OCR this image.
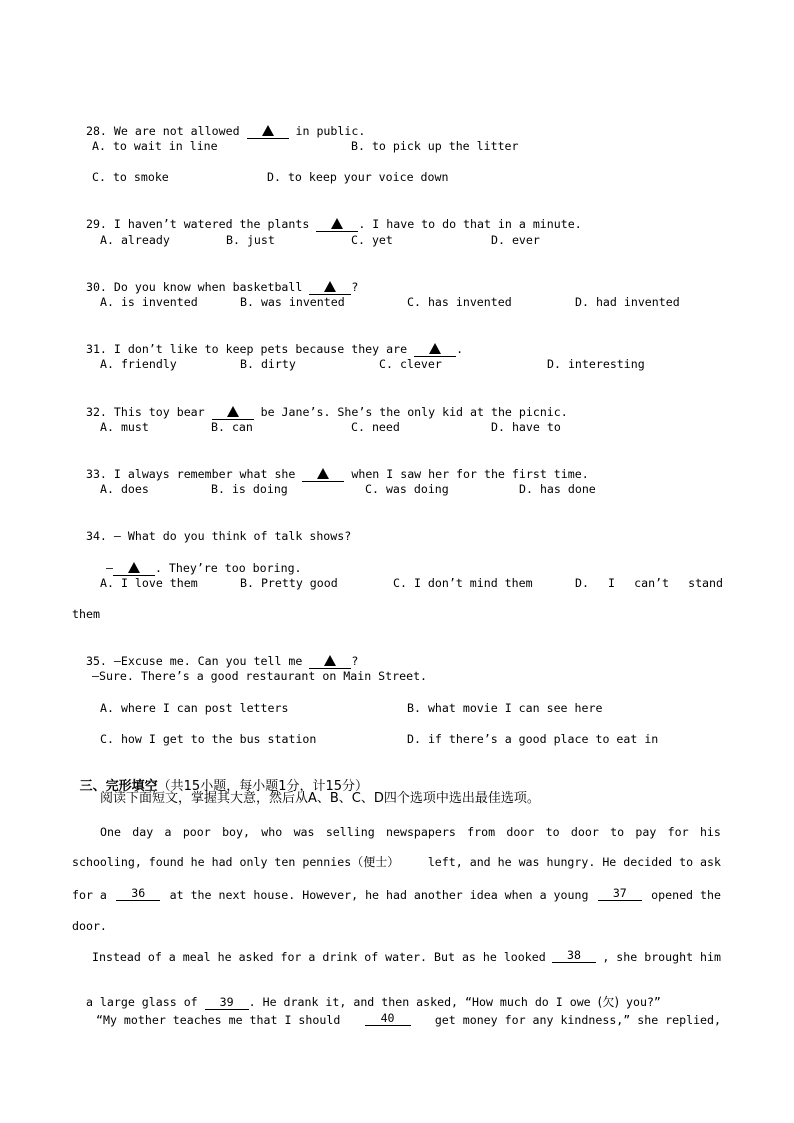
28. We are not allowed	in public.

A. to wait in line	B. to pick up the litter
C. to smoke	D. to keep your voice down

29. I haven’t watered the plants	. I have to do that in a minute.

A. already	B. just	C. yet	D. ever

30. Do you know when basketball	?

A. is invented	B. was invented	C. has invented	D. had invented

31. I don’t like to keep pets because they are	.

A. friendly	B. dirty	C. clever	D. interesting

32. This toy bear	be Jane’s. She’s the only kid at the picnic.

A. must	B. can	C. need	D. have to

33. I always remember what she	when I saw her for the first time.

A. does	B. is doing	C. was doing	D. has done

34. — What do you think of talk shows?

—	. They’re too boring.

A. I love them	B. Pretty good	C. I don’t mind them	D. I can’t stand
them

35. —Excuse me. Can you tell me	?

—Sure. There’s a good restaurant on Main Street.
A. where I can post letters	B. what movie I can see here
C. how I get to the bus station	D. if there’s a good place to eat in

三、完形填空（共15小题，每小题1分，计15分）

阅读下面短文，掌握其大意，然后从A、B、C、D四个选项中选出最佳选项。
One day a poor boy, who was selling newspapers from door to door to pay for his
schooling, found he had only ten pennies（便士） left, and he was hungry. He decided to ask
for a	36	at the next house. However, he had another idea when a young	37	opened the
door.
Instead of a meal he asked for a drink of water. But as he looked	38	, she brought him

a large glass of 39 . He drank it, and then asked, “How much do I owe (欠) you?”

“My mother teaches me that I should	40	get money for any kindness,” she replied,
